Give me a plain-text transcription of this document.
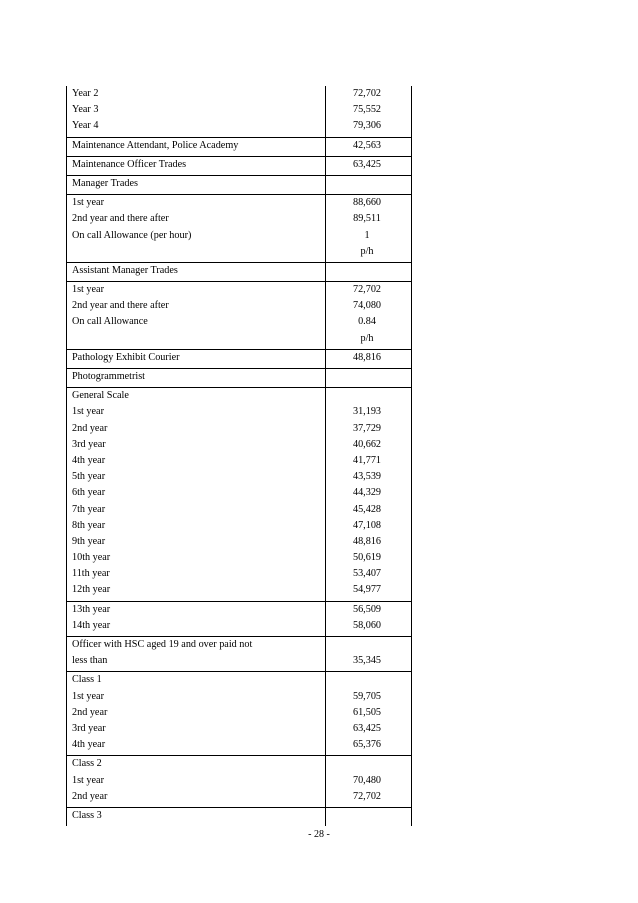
Year 2	72,702
Year 3	75,552
Year 4	79,306
Maintenance Attendant, Police Academy	42,563
Maintenance Officer Trades	63,425
Manager Trades
1st year	88,660
2nd year and there after	89,511
On call Allowance (per hour)	1
p/h
Assistant Manager Trades
1st year	72,702
2nd year and there after	74,080
On call Allowance	0.84
p/h
Pathology Exhibit Courier	48,816
Photogrammetrist
General Scale
1st year	31,193
2nd year	37,729
3rd year	40,662
4th year	41,771
5th year	43,539
6th year	44,329
7th year	45,428
8th year	47,108
9th year	48,816
10th year	50,619
11th year	53,407
12th year	54,977
13th year	56,509
14th year	58,060
Officer with HSC aged 19 and over paid not
less than	35,345
Class 1
1st year	59,705
2nd year	61,505
3rd year	63,425
4th year	65,376
Class 2
1st year	70,480
2nd year	72,702
Class 3
- 28 -
